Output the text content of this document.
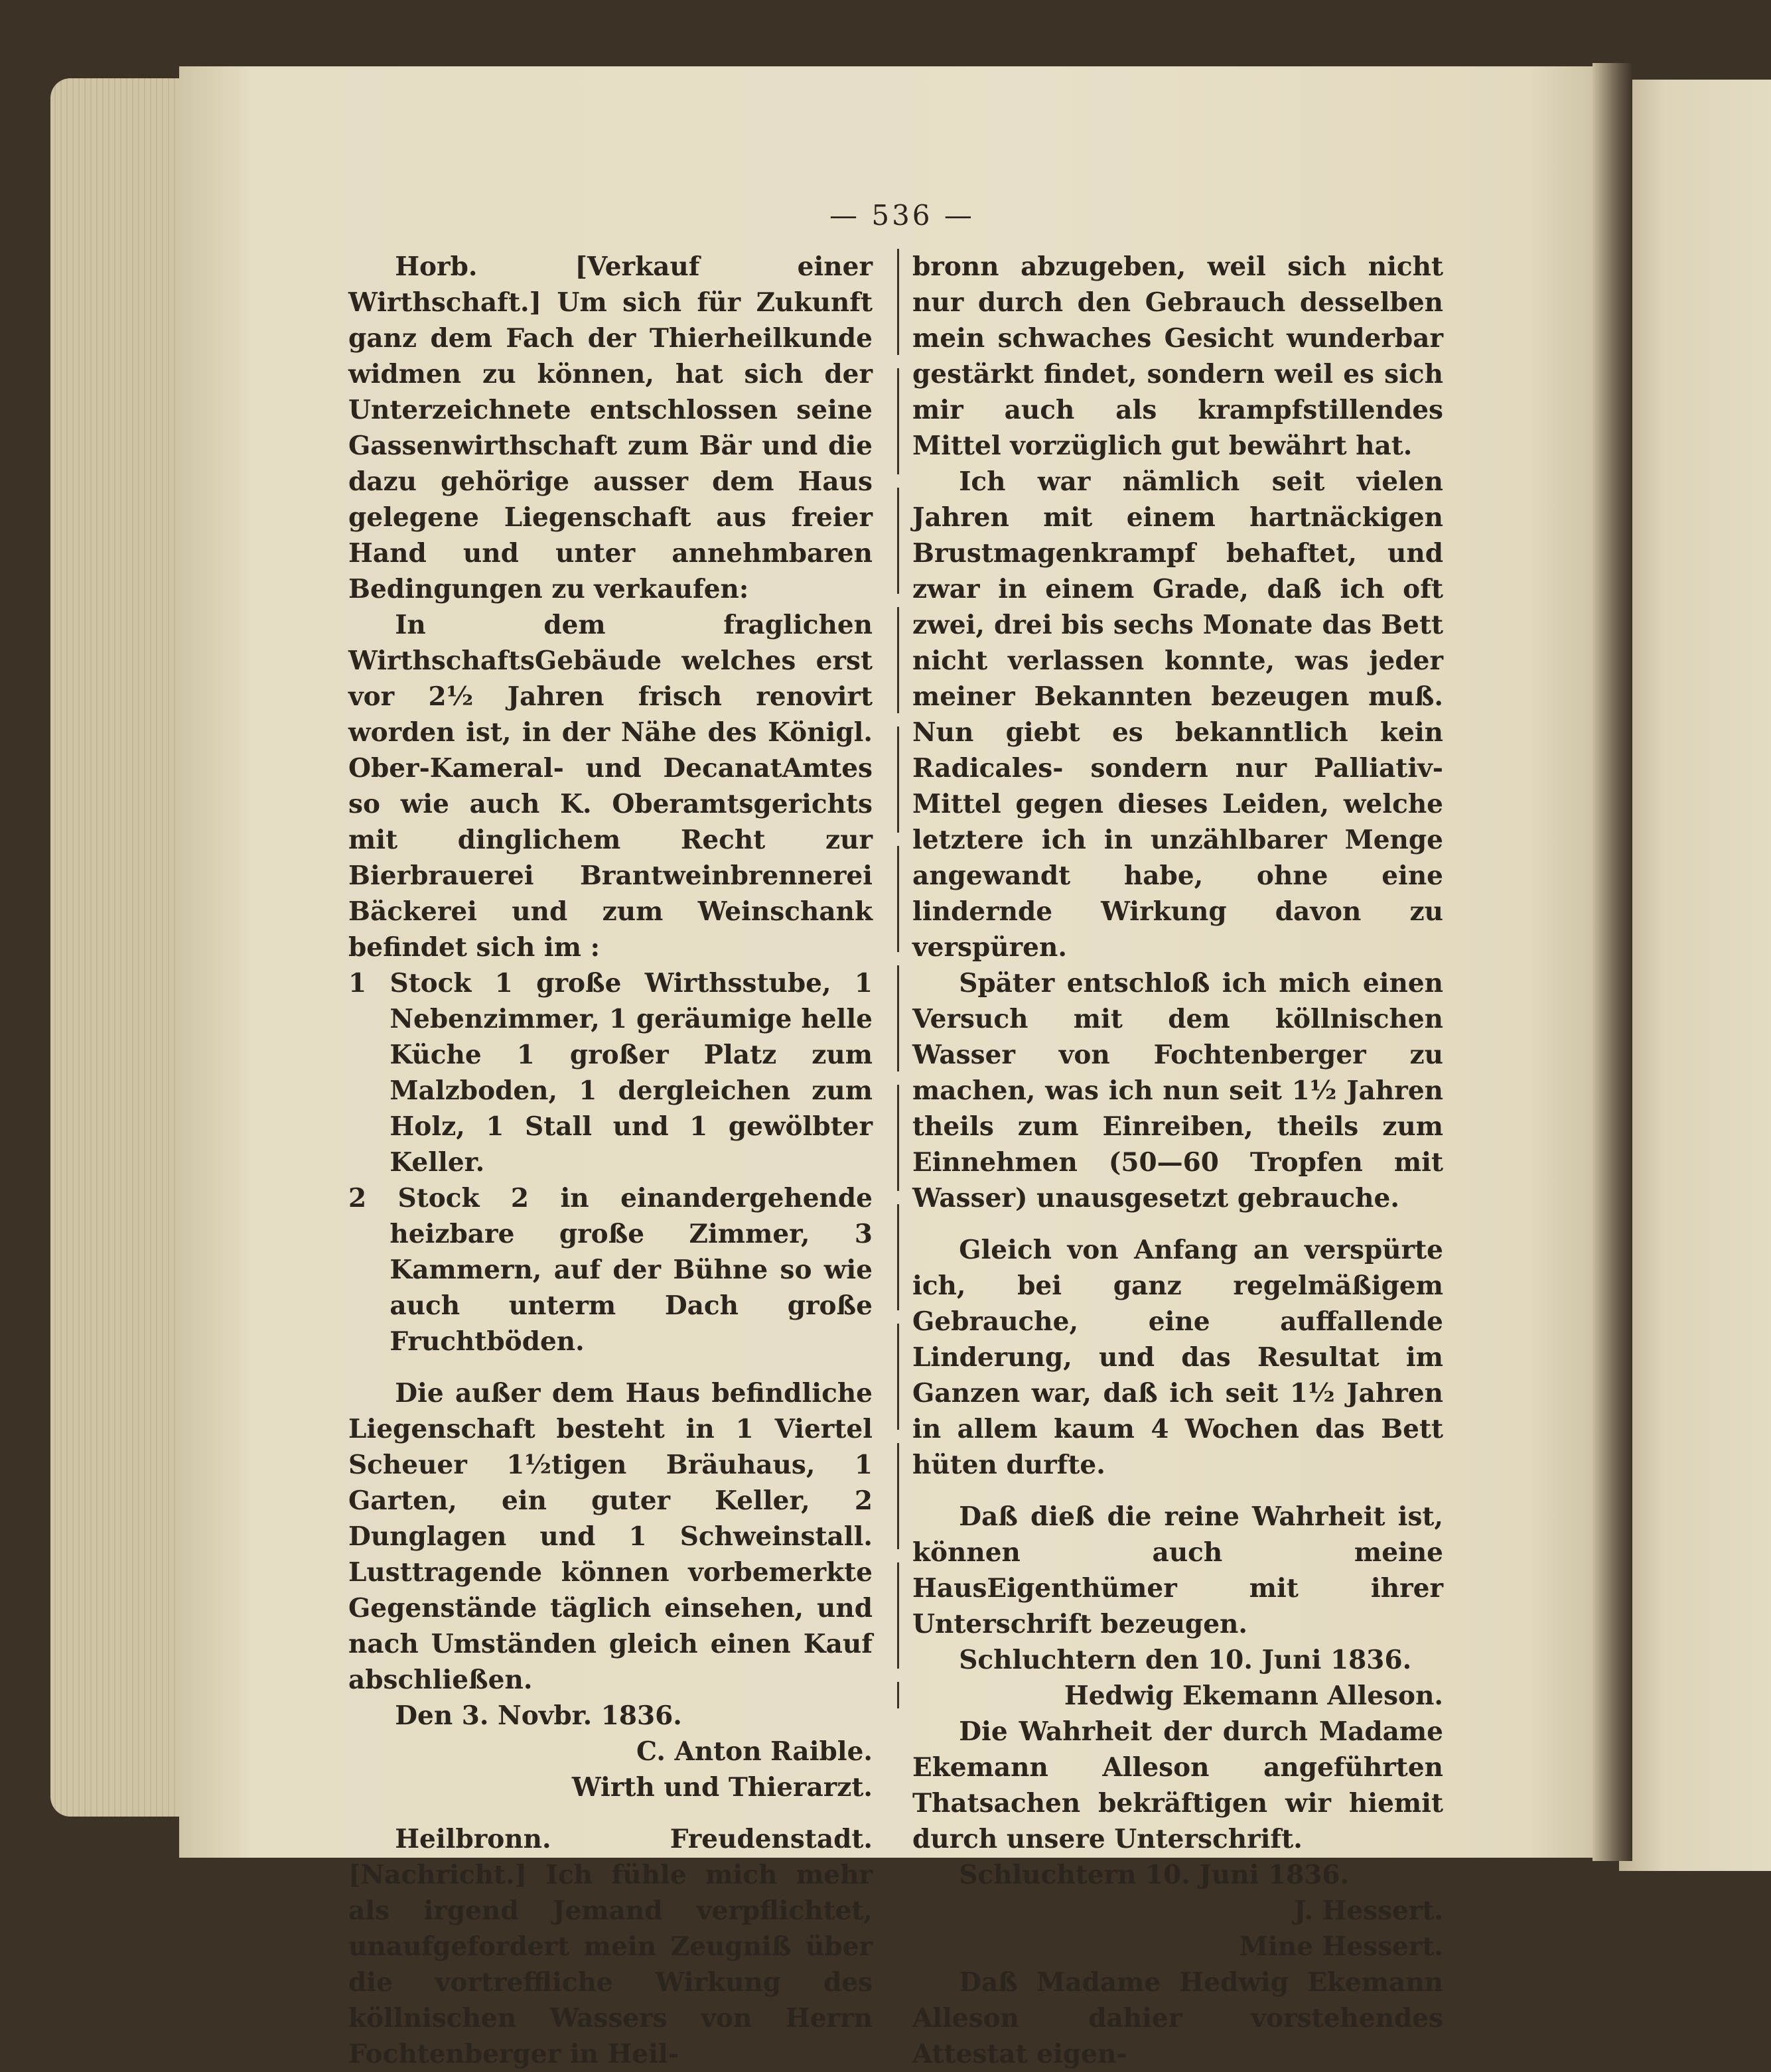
— 536 —

Horb. [Verkauf einer Wirthschaft.] Um sich für Zukunft ganz dem Fach der Thierheilkunde widmen zu können, hat sich der Unterzeichnete entschlossen seine Gassenwirthschaft zum Bär und die dazu gehörige ausser dem Haus gelegene Liegenschaft aus freier Hand und unter annehmbaren Bedingungen zu verkaufen:

In dem fraglichen WirthschaftsGebäude welches erst vor 2½ Jahren frisch renovirt worden ist, in der Nähe des Königl. Ober-Kameral- und DecanatAmtes so wie auch K. Oberamtsgerichts mit dinglichem Recht zur Bierbrauerei Brantweinbrennerei Bäckerei und zum Weinschank befindet sich im :

1 Stock 1 große Wirthsstube, 1 Nebenzimmer, 1 geräumige helle Küche 1 großer Platz zum Malzboden, 1 dergleichen zum Holz, 1 Stall und 1 gewölbter Keller.

2 Stock 2 in einandergehende heizbare große Zimmer, 3 Kammern, auf der Bühne so wie auch unterm Dach große Fruchtböden.

Die außer dem Haus befindliche Liegenschaft besteht in 1 Viertel Scheuer 1½tigen Bräuhaus, 1 Garten, ein guter Keller, 2 Dunglagen und 1 Schweinstall. Lusttragende können vorbemerkte Gegenstände täglich einsehen, und nach Umständen gleich einen Kauf abschließen.

Den 3. Novbr. 1836.

C. Anton Raible.

Wirth und Thierarzt.

Heilbronn. Freudenstadt. [Nachricht.] Ich fühle mich mehr als irgend Jemand verpflichtet, unaufgefordert mein Zeugniß über die vortreffliche Wirkung des köllnischen Wassers von Herrn Fochtenberger in Heil-

bronn abzugeben, weil sich nicht nur durch den Gebrauch desselben mein schwaches Gesicht wunderbar gestärkt findet, sondern weil es sich mir auch als krampfstillendes Mittel vorzüglich gut bewährt hat.

Ich war nämlich seit vielen Jahren mit einem hartnäckigen Brustmagenkrampf behaftet, und zwar in einem Grade, daß ich oft zwei, drei bis sechs Monate das Bett nicht verlassen konnte, was jeder meiner Bekannten bezeugen muß. Nun giebt es bekanntlich kein Radicales- sondern nur Palliativ-Mittel gegen dieses Leiden, welche letztere ich in unzählbarer Menge angewandt habe, ohne eine lindernde Wirkung davon zu verspüren.

Später entschloß ich mich einen Versuch mit dem köllnischen Wasser von Fochtenberger zu machen, was ich nun seit 1½ Jahren theils zum Einreiben, theils zum Einnehmen (50—60 Tropfen mit Wasser) unausgesetzt gebrauche.

Gleich von Anfang an verspürte ich, bei ganz regelmäßigem Gebrauche, eine auffallende Linderung, und das Resultat im Ganzen war, daß ich seit 1½ Jahren in allem kaum 4 Wochen das Bett hüten durfte.

Daß dieß die reine Wahrheit ist, können auch meine HausEigenthümer mit ihrer Unterschrift bezeugen.

Schluchtern den 10. Juni 1836.

Hedwig Ekemann Alleson.

Die Wahrheit der durch Madame Ekemann Alleson angeführten Thatsachen bekräftigen wir hiemit durch unsere Unterschrift.

Schluchtern 10. Juni 1836.

J. Hessert.

Mine Hessert.

Daß Madame Hedwig Ekemann Alleson dahier vorstehendes Attestat eigen-
